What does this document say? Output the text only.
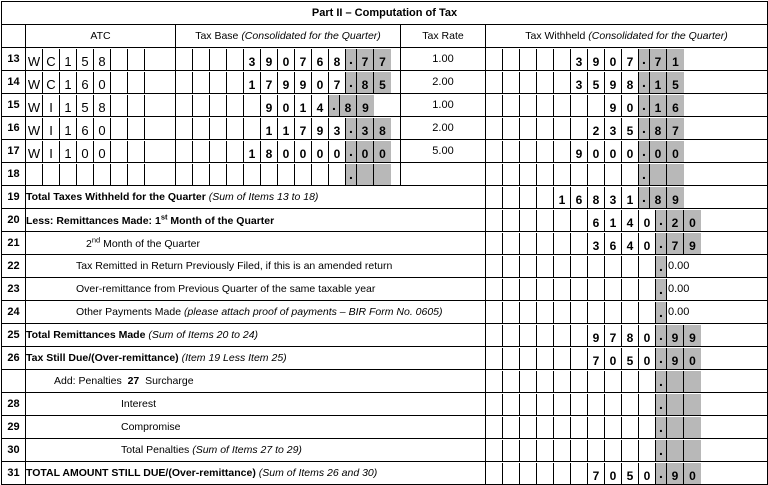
Part II – Computation of Tax				
	ATC	Tax Base (Consolidated for the Quarter)	Tax Rate	Tax Withheld (Consolidated for the Quarter)
13	W C 1 5 8	3 9 0 7 6 8 . 7 7	1.00	3 9 0 7 . 7 1

14	W C 1 6 0	1 7 9 9 0 7 . 8 5	2.00	3 5 9 8 . 1 5

15	W I 1 5 8	9 0 1 4 . 8 9	1.00	9 0 . 1 6

16	W I 1 6 0	1 1 7 9 3 . 3 8	2.00	2 3 5 . 8 7

17	W I 1 0 0	1 8 0 0 0 0 . 0 0	5.00	9 0 0 0 . 0 0

18		.		.

19	Total Taxes Withheld for the Quarter (Sum of Items 13 to 18)	1 6 8 3 1 . 8 9

20	Less: Remittances Made: 1st Month of the Quarter	6 1 4 0 . 2 0

21	2nd Month of the Quarter	3 6 4 0 . 7 9

22	Tax Remitted in Return Previously Filed, if this is an amended return			. 0.00

23	Over-remittance from Previous Quarter of the same taxable year			. 0.00

24	Other Payments Made (please attach proof of payments – BIR Form No. 0605)			. 0.00

25	Total Remittances Made (Sum of Items 20 to 24)	9 7 8 0 . 9 9

26	Tax Still Due/(Over-remittance) (Item 19 Less Item 25)	7 0 5 0 . 9 0

	Add: Penalties 27 Surcharge			.

28	Interest			.

29	Compromise			.

30	Total Penalties (Sum of Items 27 to 29)			.

31	TOTAL AMOUNT STILL DUE/(Over-remittance) (Sum of Items 26 and 30)	7 0 5 0 . 9 0
